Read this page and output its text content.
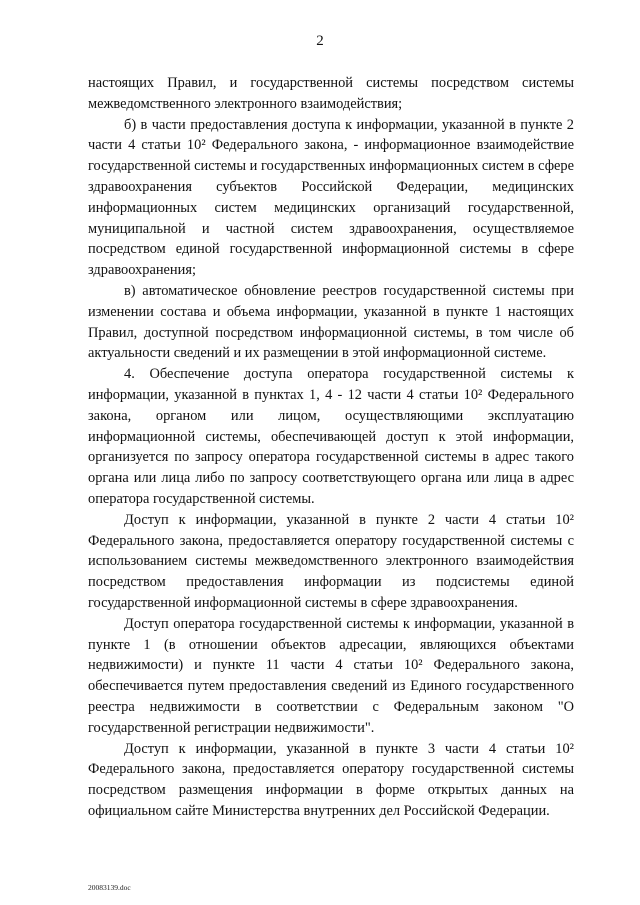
2

настоящих Правил, и государственной системы посредством системы межведомственного электронного взаимодействия;

б) в части предоставления доступа к информации, указанной в пункте 2 части 4 статьи 10² Федерального закона, - информационное взаимодействие государственной системы и государственных информационных систем в сфере здравоохранения субъектов Российской Федерации, медицинских информационных систем медицинских организаций государственной, муниципальной и частной систем здравоохранения, осуществляемое посредством единой государственной информационной системы в сфере здравоохранения;

в) автоматическое обновление реестров государственной системы при изменении состава и объема информации, указанной в пункте 1 настоящих Правил, доступной посредством информационной системы, в том числе об актуальности сведений и их размещении в этой информационной системе.

4. Обеспечение доступа оператора государственной системы к информации, указанной в пунктах 1, 4 - 12 части 4 статьи 10² Федерального закона, органом или лицом, осуществляющими эксплуатацию информационной системы, обеспечивающей доступ к этой информации, организуется по запросу оператора государственной системы в адрес такого органа или лица либо по запросу соответствующего органа или лица в адрес оператора государственной системы.

Доступ к информации, указанной в пункте 2 части 4 статьи 10² Федерального закона, предоставляется оператору государственной системы с использованием системы межведомственного электронного взаимодействия посредством предоставления информации из подсистемы единой государственной информационной системы в сфере здравоохранения.

Доступ оператора государственной системы к информации, указанной в пункте 1 (в отношении объектов адресации, являющихся объектами недвижимости) и пункте 11 части 4 статьи 10² Федерального закона, обеспечивается путем предоставления сведений из Единого государственного реестра недвижимости в соответствии с Федеральным законом "О государственной регистрации недвижимости".

Доступ к информации, указанной в пункте 3 части 4 статьи 10² Федерального закона, предоставляется оператору государственной системы посредством размещения информации в форме открытых данных на официальном сайте Министерства внутренних дел Российской Федерации.

20083139.doc
